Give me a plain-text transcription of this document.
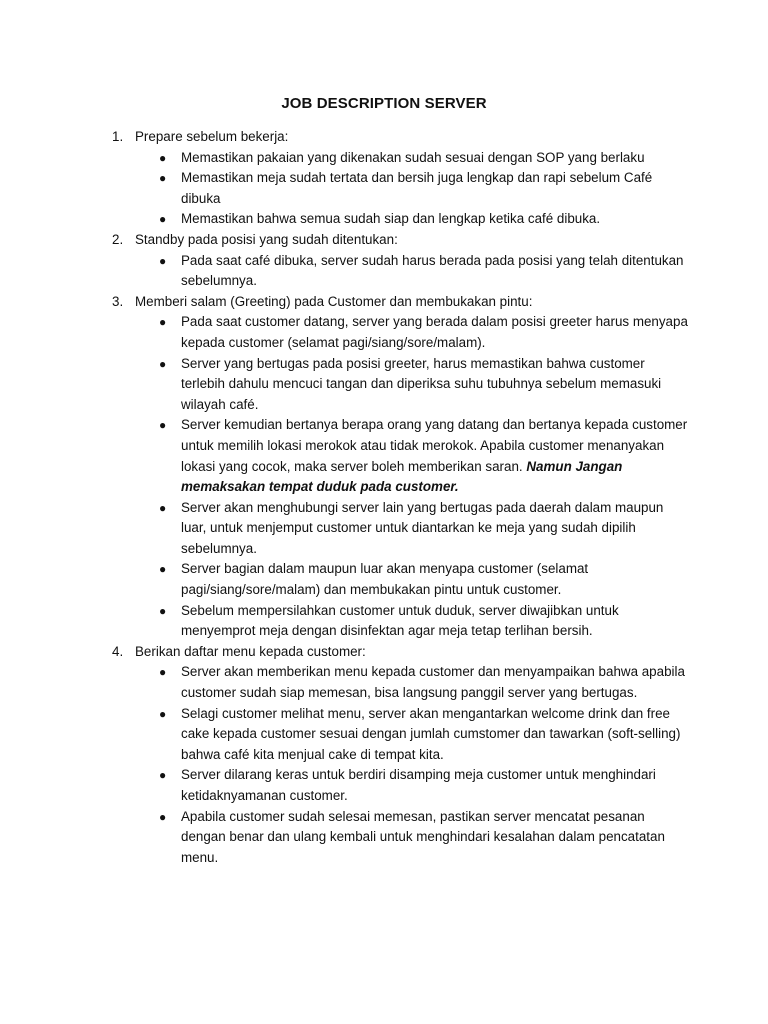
JOB DESCRIPTION SERVER
1. Prepare sebelum bekerja:
● Memastikan pakaian yang dikenakan sudah sesuai dengan SOP yang berlaku
● Memastikan meja sudah tertata dan bersih juga lengkap dan rapi sebelum Café dibuka
● Memastikan bahwa semua sudah siap dan lengkap ketika café dibuka.
2. Standby pada posisi yang sudah ditentukan:
● Pada saat café dibuka, server sudah harus berada pada posisi yang telah ditentukan sebelumnya.
3. Memberi salam (Greeting) pada Customer dan membukakan pintu:
● Pada saat customer datang, server yang berada dalam posisi greeter harus menyapa kepada customer (selamat pagi/siang/sore/malam).
● Server yang bertugas pada posisi greeter, harus memastikan bahwa customer terlebih dahulu mencuci tangan dan diperiksa suhu tubuhnya sebelum memasuki wilayah café.
● Server kemudian bertanya berapa orang yang datang dan bertanya kepada customer untuk memilih lokasi merokok atau tidak merokok. Apabila customer menanyakan lokasi yang cocok, maka server boleh memberikan saran. Namun Jangan memaksakan tempat duduk pada customer.
● Server akan menghubungi server lain yang bertugas pada daerah dalam maupun luar, untuk menjemput customer untuk diantarkan ke meja yang sudah dipilih sebelumnya.
● Server bagian dalam maupun luar akan menyapa customer (selamat pagi/siang/sore/malam) dan membukakan pintu untuk customer.
● Sebelum mempersilahkan customer untuk duduk, server diwajibkan untuk menyemprot meja dengan disinfektan agar meja tetap terlihan bersih.
4. Berikan daftar menu kepada customer:
● Server akan memberikan menu kepada customer dan menyampaikan bahwa apabila customer sudah siap memesan, bisa langsung panggil server yang bertugas.
● Selagi customer melihat menu, server akan mengantarkan welcome drink dan free cake kepada customer sesuai dengan jumlah cumstomer dan tawarkan (soft-selling) bahwa café kita menjual cake di tempat kita.
● Server dilarang keras untuk berdiri disamping meja customer untuk menghindari ketidaknyamanan customer.
● Apabila customer sudah selesai memesan, pastikan server mencatat pesanan dengan benar dan ulang kembali untuk menghindari kesalahan dalam pencatatan menu.
